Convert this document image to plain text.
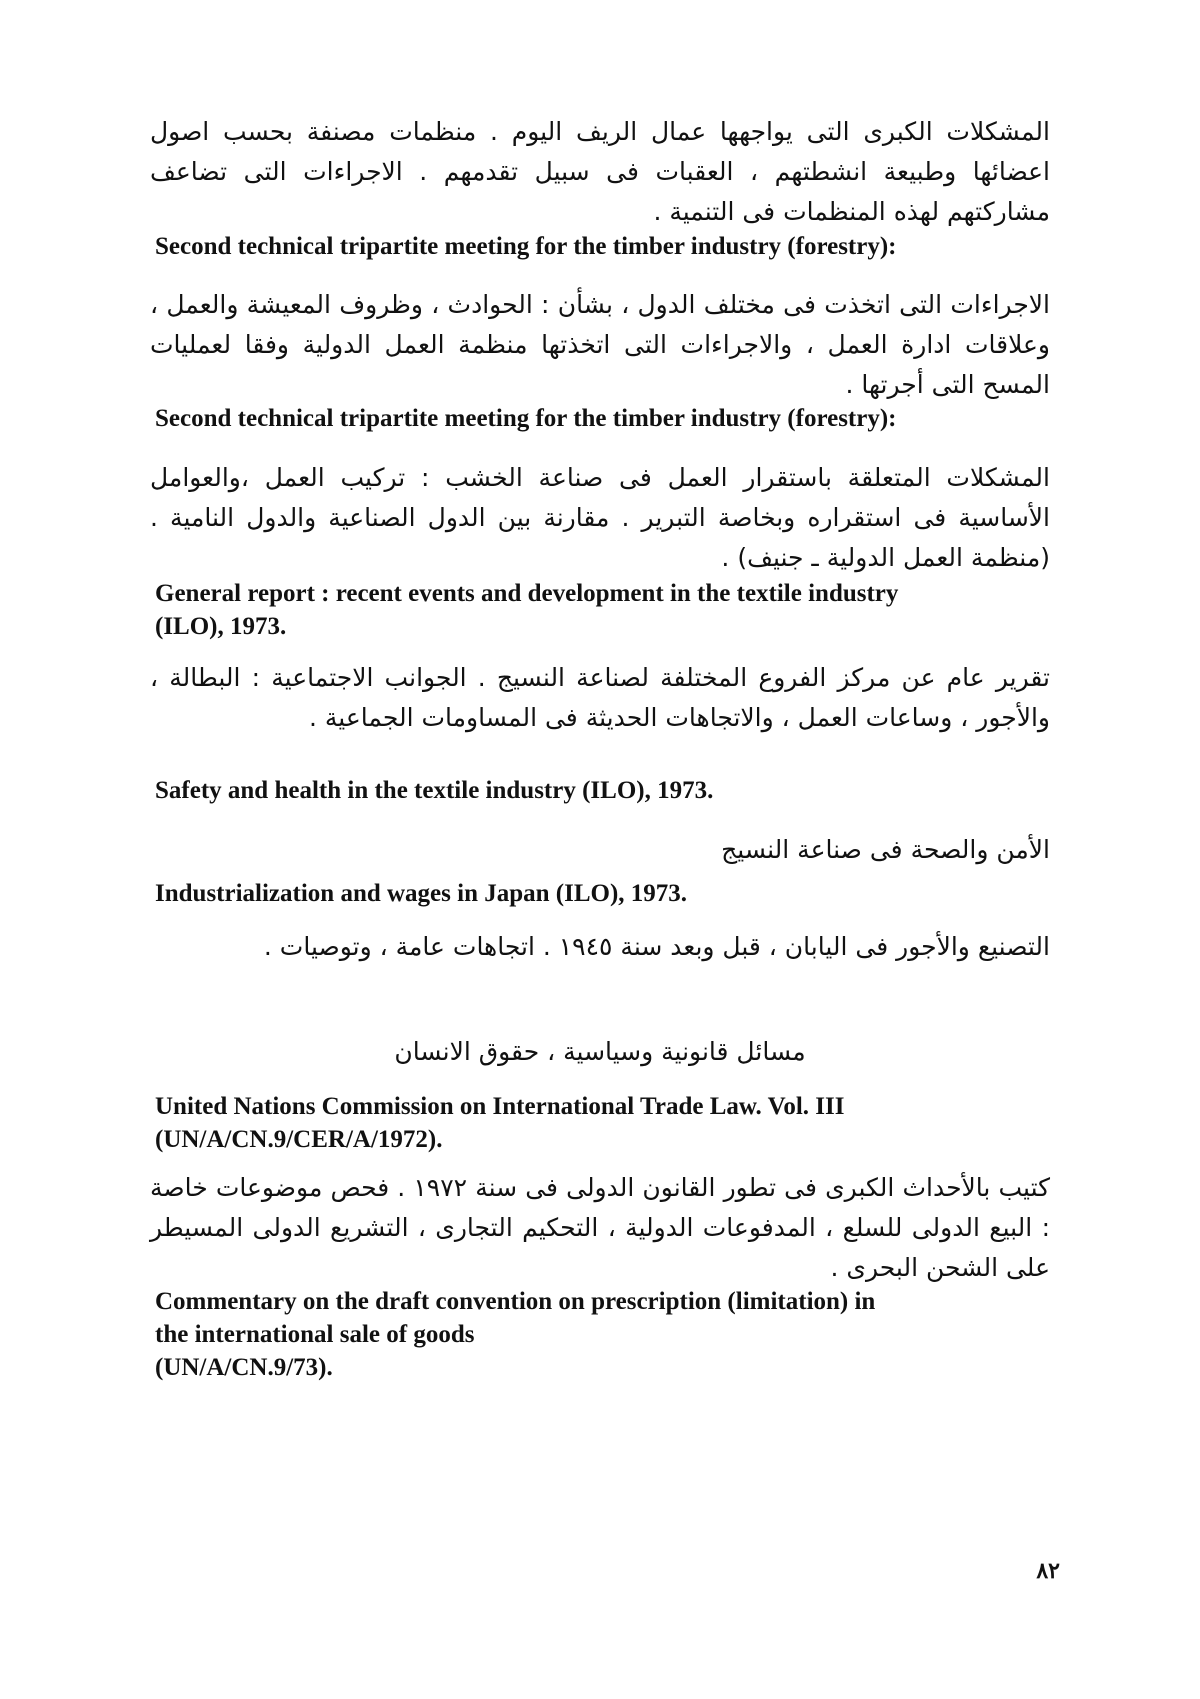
المشكلات الكبرى التى يواجهها عمال الريف اليوم . منظمات مصنفة بحسب اصول اعضائها وطبيعة انشطتهم ، العقبات فى سبيل تقدمهم . الاجراءات التى تضاعف مشاركتهم لهذه المنظمات فى التنمية .
Second technical tripartite meeting for the timber industry (forestry):
الاجراءات التى اتخذت فى مختلف الدول ، بشأن : الحوادث ، وظروف المعيشة والعمل ، وعلاقات ادارة العمل ، والاجراءات التى اتخذتها منظمة العمل الدولية وفقا لعمليات المسح التى أجرتها .
Second technical tripartite meeting for the timber industry (forestry):
المشكلات المتعلقة باستقرار العمل فى صناعة الخشب : تركيب العمل ،والعوامل الأساسية فى استقراره وبخاصة التبرير . مقارنة بين الدول الصناعية والدول النامية . (منظمة العمل الدولية ـ جنيف) .
General report : recent events and development in the textile industry
(ILO), 1973.
تقرير عام عن مركز الفروع المختلفة لصناعة النسيج . الجوانب الاجتماعية : البطالة ، والأجور ، وساعات العمل ، والاتجاهات الحديثة فى المساومات الجماعية .
Safety and health in the textile industry (ILO), 1973.
الأمن والصحة فى صناعة النسيج
Industrialization and wages in Japan (ILO), 1973.
التصنيع والأجور فى اليابان ، قبل وبعد سنة ١٩٤٥ . اتجاهات عامة ، وتوصيات .
مسائل قانونية وسياسية ، حقوق الانسان
United Nations Commission on International Trade Law. Vol. III
(UN/A/CN.9/CER/A/1972).
كتيب بالأحداث الكبرى فى تطور القانون الدولى فى سنة ١٩٧٢ . فحص موضوعات خاصة : البيع الدولى للسلع ، المدفوعات الدولية ، التحكيم التجارى ، التشريع الدولى المسيطر على الشحن البحرى .
Commentary on the draft convention on prescription (limitation) in
the international sale of goods
(UN/A/CN.9/73).
٨٢
